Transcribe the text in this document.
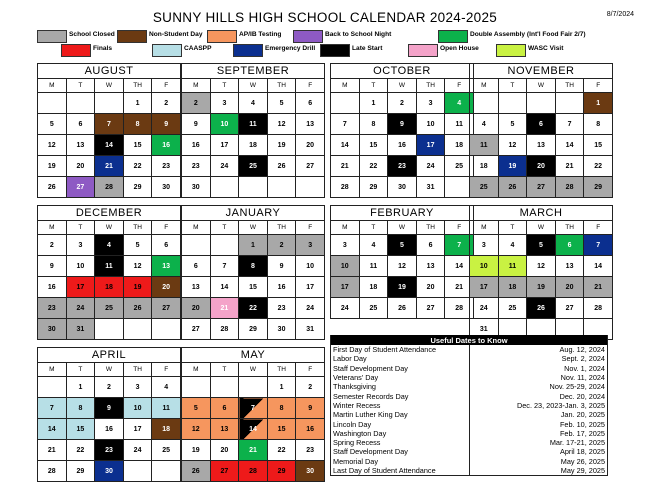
SUNNY HILLS HIGH SCHOOL CALENDAR 2024-2025	8/7/2024
School Closed	Non-Student Day	AP/IB Testing	Back to School Night	Double Assembly (Int'l Food Fair 2/7)
Finals	CAASPP	Emergency Drill	Late Start	Open House	WASC Visit
AUGUST				
M	T	W	TH	F
			1	2
5	6	7	8	9
12	13	14	15	16
19	20	21	22	23
26	27	28	29	30
SEPTEMBER				
M	T	W	TH	F
2	3	4	5	6
9	10	11	12	13
16	17	18	19	20
23	24	25	26	27
30				
OCTOBER				
M	T	W	TH	F
	1	2	3	4
7	8	9	10	11
14	15	16	17	18
21	22	23	24	25
28	29	30	31	
NOVEMBER				
M	T	W	TH	F
				1
4	5	6	7	8
11	12	13	14	15
18	19	20	21	22
25	26	27	28	29
DECEMBER				
M	T	W	TH	F
2	3	4	5	6
9	10	11	12	13
16	17	18	19	20
23	24	25	26	27
30	31			
JANUARY				
M	T	W	TH	F
		1	2	3
6	7	8	9	10
13	14	15	16	17
20	21	22	23	24
27	28	29	30	31
FEBRUARY				
M	T	W	TH	F
3	4	5	6	7
10	11	12	13	14
17	18	19	20	21
24	25	26	27	28
MARCH				
M	T	W	TH	F
3	4	5	6	7
10	11	12	13	14
17	18	19	20	21
24	25	26	27	28
31				
APRIL				
M	T	W	TH	F
	1	2	3	4
7	8	9	10	11
14	15	16	17	18
21	22	23	24	25
28	29	30		
MAY				
M	T	W	TH	F
			1	2
5	6	7	8	9
12	13	14	15	16
19	20	21	22	23
26	27	28	29	30
Useful Dates to Know	
First Day of Student Attendance	Aug. 12, 2024
Labor Day	Sept. 2, 2024
Staff Development Day	Nov. 1, 2024
Veterans' Day	Nov. 11, 2024
Thanksgiving	Nov. 25-29, 2024
Semester Records Day	Dec. 20, 2024
Winter Recess	Dec. 23, 2023-Jan. 3, 2025
Martin Luther King Day	Jan. 20, 2025
Lincoln Day	Feb. 10, 2025
Washington Day	Feb. 17, 2025
Spring Recess	Mar. 17-21, 2025
Staff Development Day	April 18, 2025
Memorial Day	May 26, 2025
Last Day of Student Attendance	May 29, 2025
